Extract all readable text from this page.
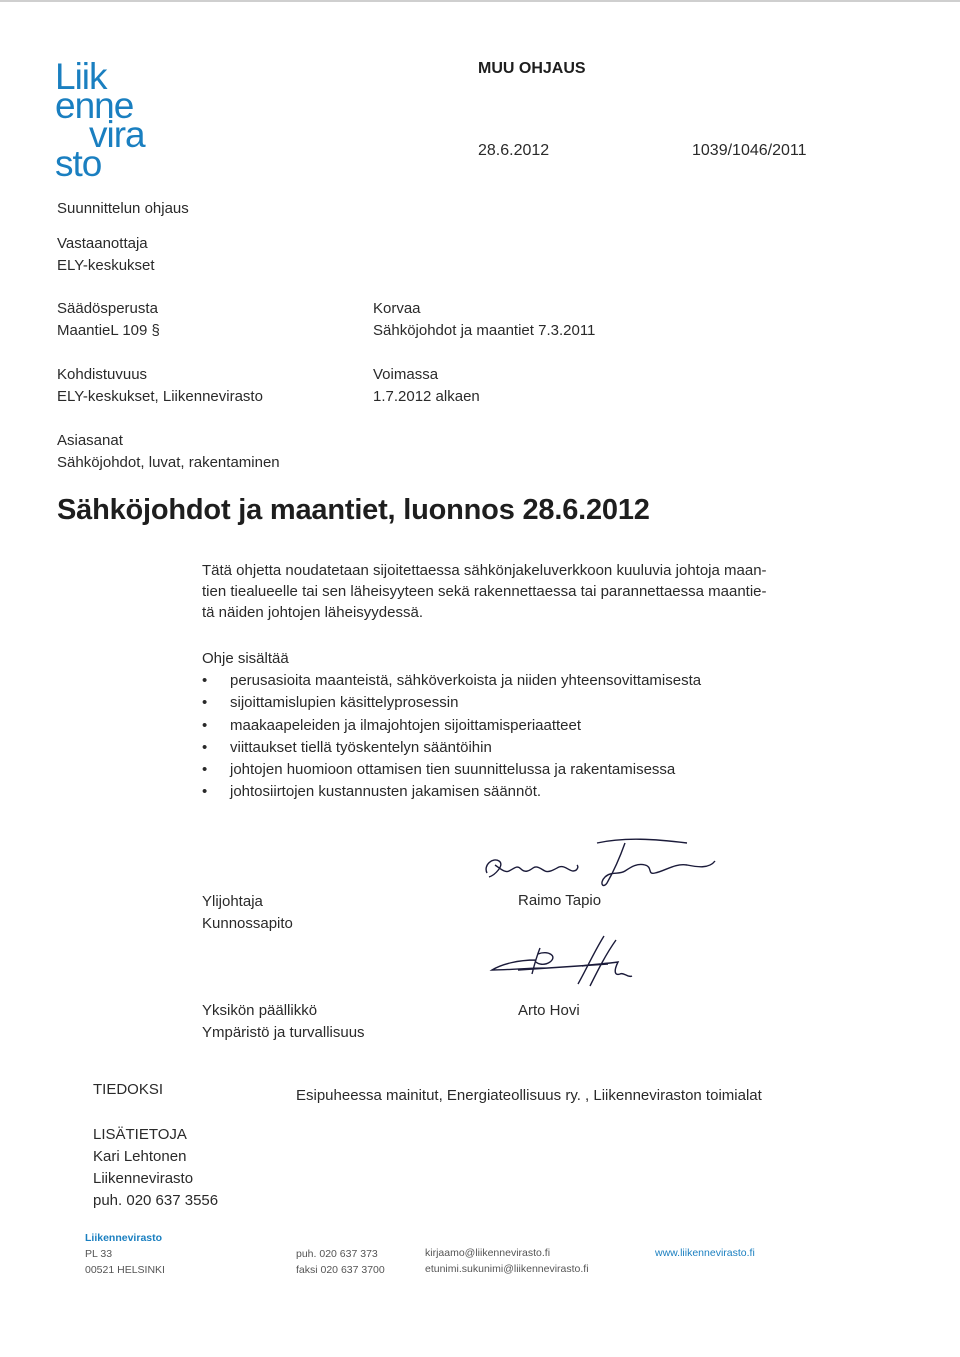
Liik
enne
vira
sto
MUU OHJAUS
28.6.2012	1039/1046/2011
Suunnittelun ohjaus
Vastaanottaja
ELY-keskukset
Säädösperusta
MaantieL 109 §
Kohdistuvuus
ELY-keskukset, Liikennevirasto
Asiasanat
Sähköjohdot, luvat, rakentaminen
Korvaa
Sähköjohdot ja maantiet 7.3.2011
Voimassa
1.7.2012 alkaen
Sähköjohdot ja maantiet, luonnos 28.6.2012
Tätä ohjetta noudatetaan sijoitettaessa sähkönjakeluverkkoon kuuluvia johtoja maan-
tien tiealueelle tai sen läheisyyteen sekä rakennettaessa tai parannettaessa maantie-
tä näiden johtojen läheisyydessä.
Ohje sisältää
• perusasioita maanteistä, sähköverkoista ja niiden yhteensovittamisesta
• sijoittamislupien käsittelyprosessin
• maakaapeleiden ja ilmajohtojen sijoittamisperiaatteet
• viittaukset tiellä työskentelyn sääntöihin
• johtojen huomioon ottamisen tien suunnittelussa ja rakentamisessa
• johtosiirtojen kustannusten jakamisen säännöt.
Ylijohtaja
Kunnossapito
Raimo Tapio
Yksikön päällikkö
Ympäristö ja turvallisuus
Arto Hovi
TIEDOKSI	Esipuheessa mainitut, Energiateollisuus ry. , Liikenneviraston toimialat
LISÄTIETOJA
Kari Lehtonen
Liikennevirasto
puh. 020 637 3556
Liikennevirasto
PL 33
00521 HELSINKI
puh. 020 637 373
faksi 020 637 3700
kirjaamo@liikennevirasto.fi
etunimi.sukunimi@liikennevirasto.fi
www.liikennevirasto.fi
